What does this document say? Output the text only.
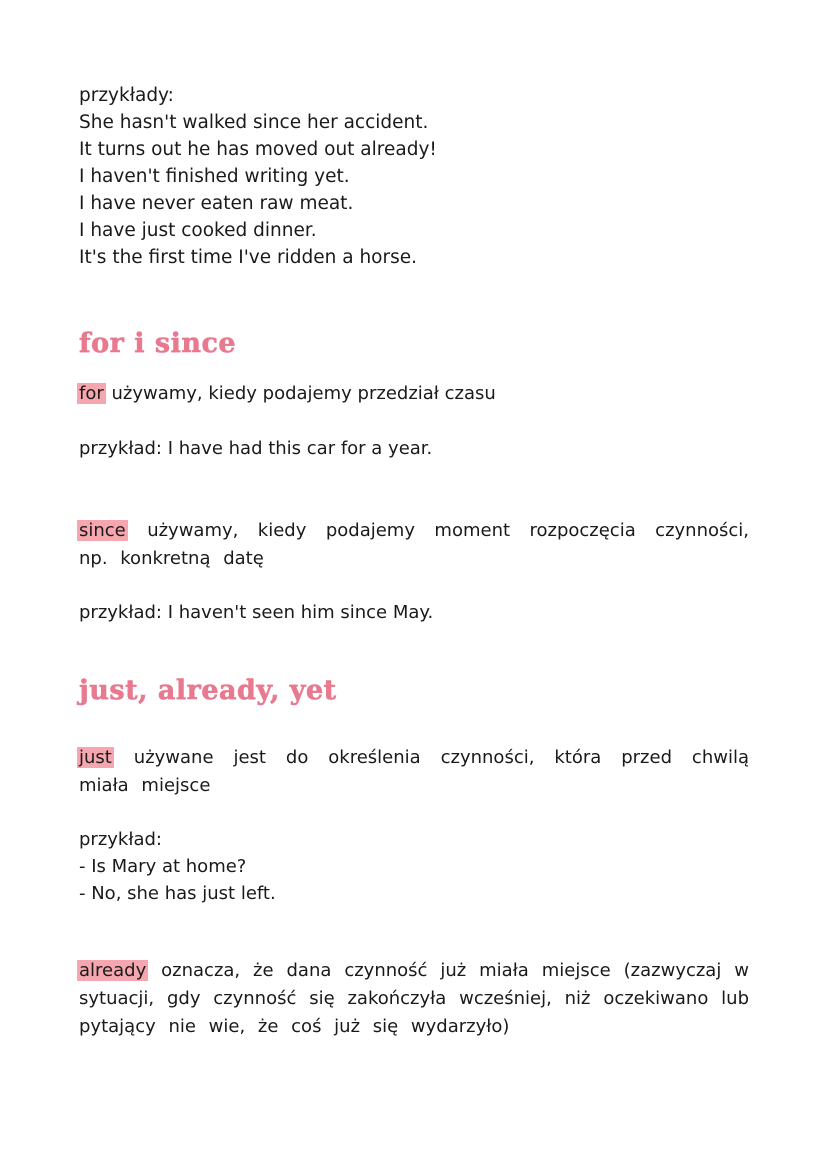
przykłady:

She hasn't walked since her accident.

It turns out he has moved out already!

I haven't finished writing yet.

I have never eaten raw meat.

I have just cooked dinner.

It's the first time I've ridden a horse.

for i since

for używamy, kiedy podajemy przedział czasu

przykład: I have had this car for a year.

since używamy, kiedy podajemy moment rozpoczęcia czynności, np. konkretną datę

przykład: I haven't seen him since May.

just, already, yet

just używane jest do określenia czynności, która przed chwilą miała miejsce

przykład:

- Is Mary at home?

- No, she has just left.

already oznacza, że dana czynność już miała miejsce (zazwyczaj w sytuacji, gdy czynność się zakończyła wcześniej, niż oczekiwano lub pytający nie wie, że coś już się wydarzyło)
